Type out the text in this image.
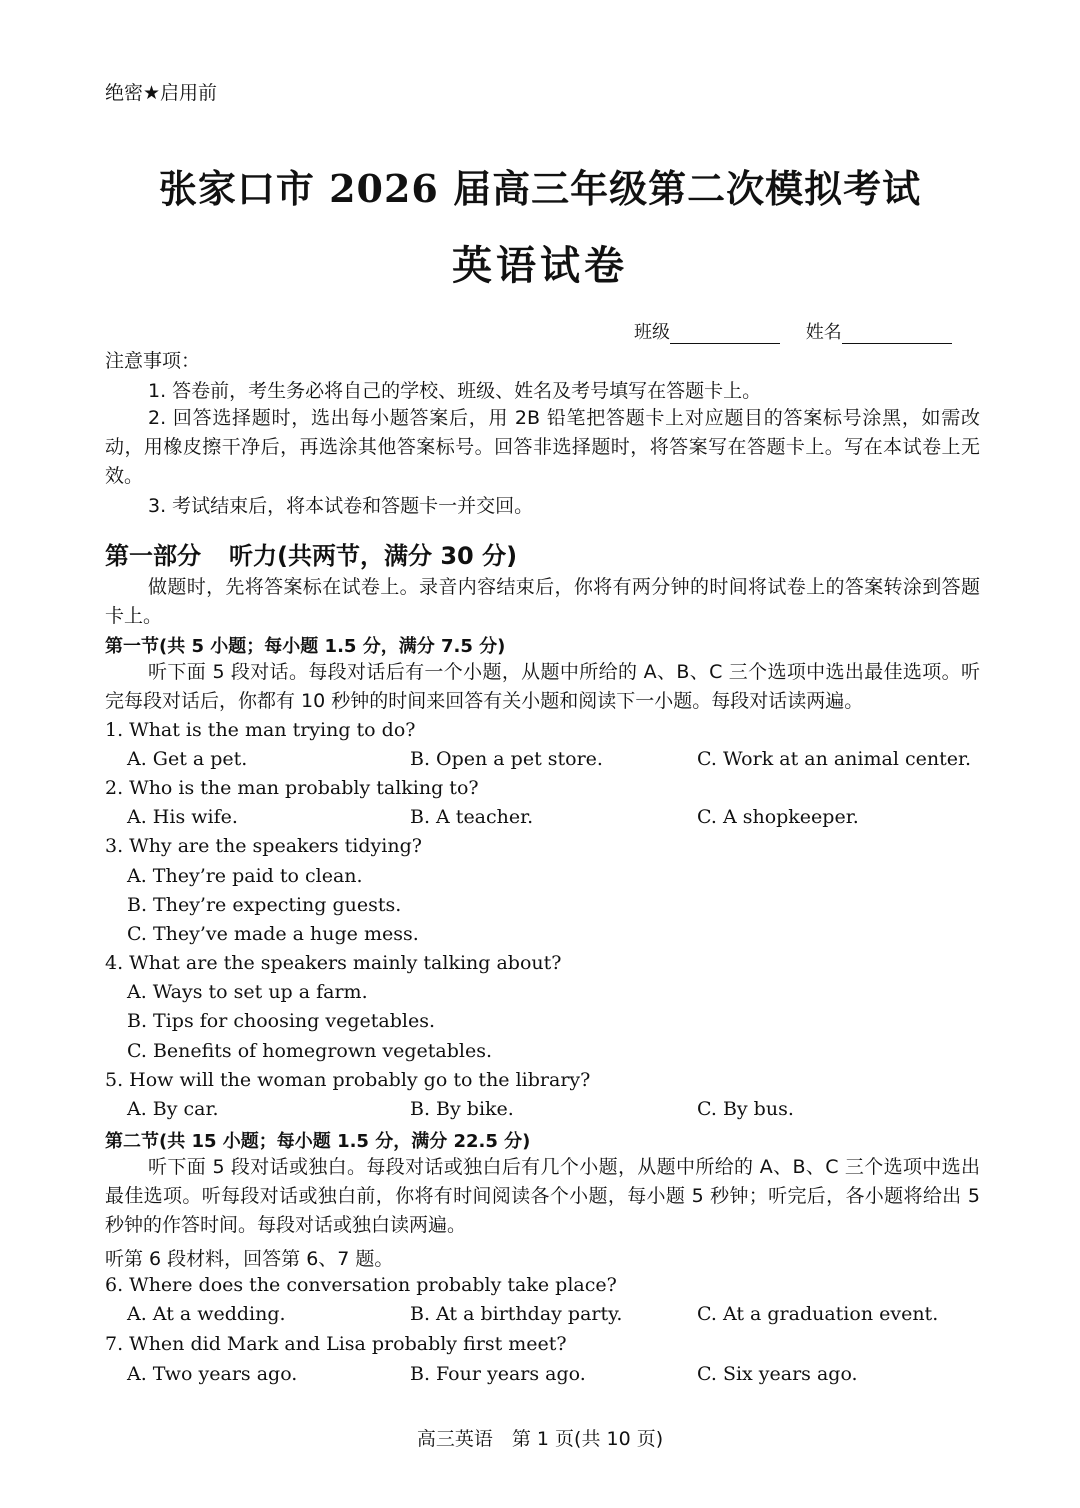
绝密★启用前
张家口市 2026 届高三年级第二次模拟考试
英语试卷
班级	姓名
注意事项：
1. 答卷前，考生务必将自己的学校、班级、姓名及考号填写在答题卡上。
2. 回答选择题时，选出每小题答案后，用 2B 铅笔把答题卡上对应题目的答案标号涂黑，如需改动，用橡皮擦干净后，再选涂其他答案标号。回答非选择题时，将答案写在答题卡上。写在本试卷上无效。
3. 考试结束后，将本试卷和答题卡一并交回。
第一部分 听力(共两节，满分 30 分)
做题时，先将答案标在试卷上。录音内容结束后，你将有两分钟的时间将试卷上的答案转涂到答题卡上。
第一节(共 5 小题；每小题 1.5 分，满分 7.5 分)
听下面 5 段对话。每段对话后有一个小题，从题中所给的 A、B、C 三个选项中选出最佳选项。听完每段对话后，你都有 10 秒钟的时间来回答有关小题和阅读下一小题。每段对话读两遍。
1. What is the man trying to do?
A. Get a pet.	B. Open a pet store.	C. Work at an animal center.
2. Who is the man probably talking to?
A. His wife.	B. A teacher.	C. A shopkeeper.
3. Why are the speakers tidying?
A. They’re paid to clean.
B. They’re expecting guests.
C. They’ve made a huge mess.
4. What are the speakers mainly talking about?
A. Ways to set up a farm.
B. Tips for choosing vegetables.
C. Benefits of homegrown vegetables.
5. How will the woman probably go to the library?
A. By car.	B. By bike.	C. By bus.
第二节(共 15 小题；每小题 1.5 分，满分 22.5 分)
听下面 5 段对话或独白。每段对话或独白后有几个小题，从题中所给的 A、B、C 三个选项中选出最佳选项。听每段对话或独白前，你将有时间阅读各个小题，每小题 5 秒钟；听完后，各小题将给出 5 秒钟的作答时间。每段对话或独白读两遍。
听第 6 段材料，回答第 6、7 题。
6. Where does the conversation probably take place?
A. At a wedding.	B. At a birthday party.	C. At a graduation event.
7. When did Mark and Lisa probably first meet?
A. Two years ago.	B. Four years ago.	C. Six years ago.
高三英语　第 1 页(共 10 页)
